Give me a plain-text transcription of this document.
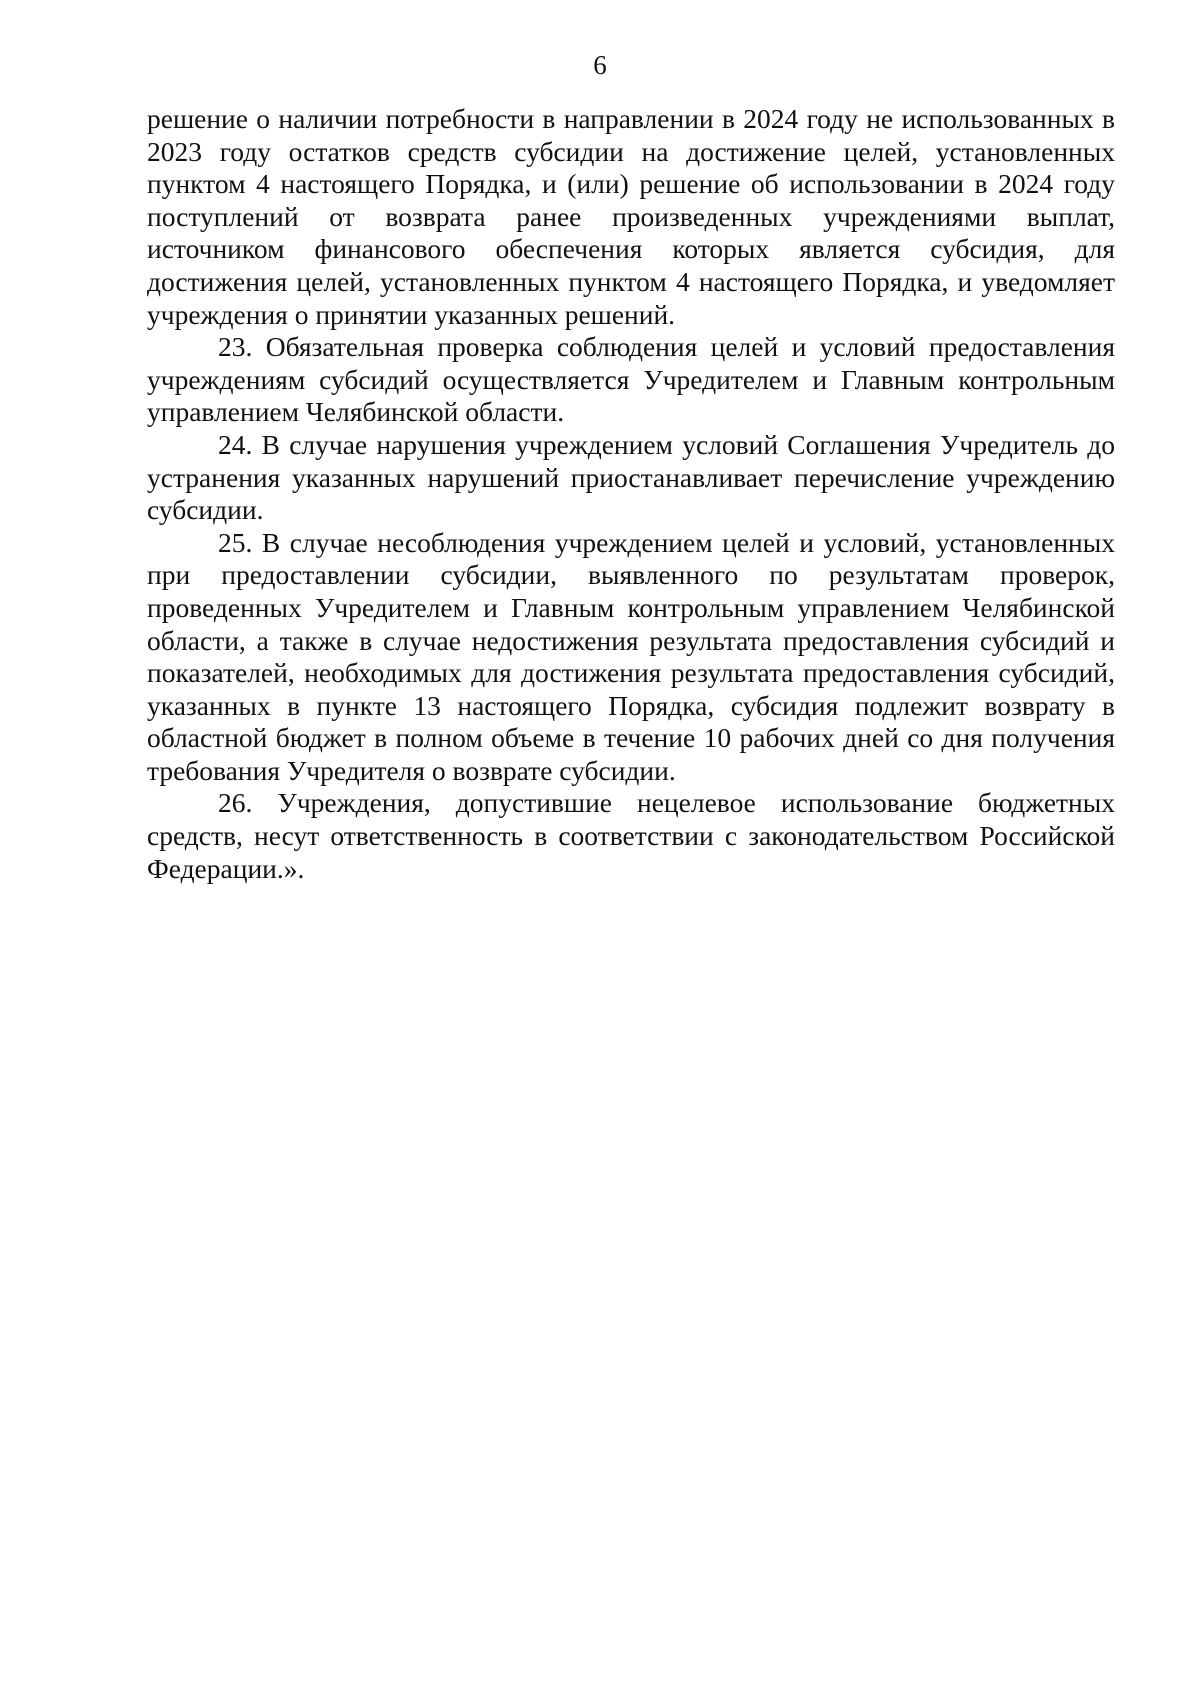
6

решение о наличии потребности в направлении в 2024 году не использованных в 2023 году остатков средств субсидии на достижение целей, установленных пунктом 4 настоящего Порядка, и (или) решение об использовании в 2024 году поступлений от возврата ранее произведенных учреждениями выплат, источником финансового обеспечения которых является субсидия, для достижения целей, установленных пунктом 4 настоящего Порядка, и уведомляет учреждения о принятии указанных решений.

23. Обязательная проверка соблюдения целей и условий предоставления учреждениям субсидий осуществляется Учредителем и Главным контрольным управлением Челябинской области.

24. В случае нарушения учреждением условий Соглашения Учредитель до устранения указанных нарушений приостанавливает перечисление учреждению субсидии.

25. В случае несоблюдения учреждением целей и условий, установленных при предоставлении субсидии, выявленного по результатам проверок, проведенных Учредителем и Главным контрольным управлением Челябинской области, а также в случае недостижения результата предоставления субсидий и показателей, необходимых для достижения результата предоставления субсидий, указанных в пункте 13 настоящего Порядка, субсидия подлежит возврату в областной бюджет в полном объеме в течение 10 рабочих дней со дня получения требования Учредителя о возврате субсидии.

26. Учреждения, допустившие нецелевое использование бюджетных средств, несут ответственность в соответствии с законодательством Российской Федерации.».
